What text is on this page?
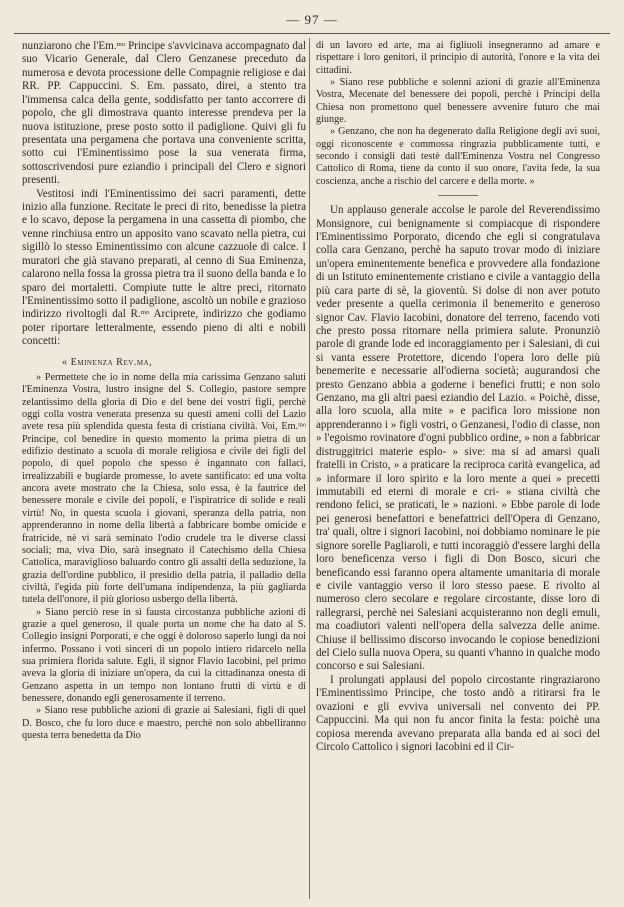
— 97 —

nunziarono che l'Em.ᵐᵒ Principe s'avvicinava accompagnato dal suo Vicario Generale, dal Clero Genzanese preceduto da numerosa e devota processione delle Compagnie religiose e dai RR. PP. Cappuccini. S. Em. passato, direi, a stento tra l'immensa calca della gente, soddisfatto per tanto accorrere di popolo, che gli dimostrava quanto interesse prendeva per la nuova istituzione, prese posto sotto il padiglione. Quivi gli fu presentata una pergamena che portava una conveniente scritta, sotto cui l'Eminentissimo pose la sua venerata firma, sottoscrivendosi pure eziandio i principali del Clero e signori presenti.

Vestitosi indi l'Eminentissimo dei sacri paramenti, dette inizio alla funzione. Recitate le preci di rito, benedisse la pietra e lo scavo, depose la pergamena in una cassetta di piombo, che venne rinchiusa entro un apposito vano scavato nella pietra, cui sigillò lo stesso Eminentissimo con alcune cazzuole di calce. I muratori che già stavano preparati, al cenno di Sua Eminenza, calarono nella fossa la grossa pietra tra il suono della banda e lo sparo dei mortaletti. Compiute tutte le altre preci, ritornato l'Eminentissimo sotto il padiglione, ascoltò un nobile e grazioso indirizzo rivoltogli dal R.ᵐᵒ Arciprete, indirizzo che godiamo poter riportare letteralmente, essendo pieno di alti e nobili concetti:

« Eminenza Rev.ma,

» Permettete che io in nome della mia carissima Genzano saluti l'Eminenza Vostra, lustro insigne del S. Collegio, pastore sempre zelantissimo della gloria di Dio e del bene dei vostri figli, perchè oggi colla vostra venerata presenza su questi ameni colli del Lazio avete resa più splendida questa festa di cristiana civiltà. Voi, Em.ᵐᵒ Principe, col benedire in questo momento la prima pietra di un edifizio destinato a scuola di morale religiosa e civile dei figli del popolo, di quel popolo che spesso è ingannato con fallaci, irrealizzabili e bugiarde promesse, lo avete santificato: ed una volta ancora avete mostrato che la Chiesa, solo essa, è la fautrice del benessere morale e civile dei popoli, e l'ispiratrice di solide e reali virtù! No, in questa scuola i giovani, speranza della patria, non apprenderanno in nome della libertà a fabbricare bombe omicide e fratricide, nè vi sarà seminato l'odio crudele tra le diverse classi sociali; ma, viva Dio, sarà insegnato il Catechismo della Chiesa Cattolica, maraviglioso baluardo contro gli assalti della seduzione, la grazia dell'ordine pubblico, il presidio della patria, il palladio della civiltà, l'egida più forte dell'umana indipendenza, la più gagliarda tutela dell'onore, il più glorioso usbergo della libertà.

» Siano perciò rese in sì fausta circostanza pubbliche azioni di grazie a quel generoso, il quale porta un nome che ha dato al S. Collegio insigni Porporati, e che oggi è doloroso saperlo lungi da noi infermo. Possano i voti sinceri di un popolo intiero ridarcelo nella sua primiera florida salute. Egli, il signor Flavio Iacobini, pel primo aveva la gloria di iniziare un'opera, da cui la cittadinanza onesta di Genzano aspetta in un tempo non lontano frutti di virtù e di benessere, donando egli generosamente il terreno.

» Siano rese pubbliche azioni di grazie ai Salesiani, figli di quel D. Bosco, che fu loro duce e maestro, perchè non solo abbelliranno questa terra benedetta da Dio

di un lavoro ed arte, ma ai figliuoli insegneranno ad amare e rispettare i loro genitori, il principio di autorità, l'onore e la vita dei cittadini.

» Siano rese pubbliche e solenni azioni di grazie all'Eminenza Vostra, Mecenate del benessere dei popoli, perchè i Principi della Chiesa non promettono quel benessere avvenire futuro che mai giunge.

» Genzano, che non ha degenerato dalla Religione degli avi suoi, oggi riconoscente e commossa ringrazia pubblicamente tutti, e secondo i consigli dati testè dall'Eminenza Vostra nel Congresso Cattolico di Roma, tiene da conto il suo onore, l'avita fede, la sua coscienza, anche a rischio del carcere e della morte. »

Un applauso generale accolse le parole del Reverendissimo Monsignore, cui benignamente si compiacque di rispondere l'Eminentissimo Porporato, dicendo che egli si congratulava colla cara Genzano, perchè ha saputo trovar modo di iniziare un'opera eminentemente benefica e provvedere alla fondazione di un Istituto eminentemente cristiano e civile a vantaggio della più cara parte di sè, la gioventù. Si dolse di non aver potuto veder presente a quella cerimonia il benemerito e generoso signor Cav. Flavio Iacobini, donatore del terreno, facendo voti che presto possa ritornare nella primiera salute. Pronunziò parole di grande lode ed incoraggiamento per i Salesiani, di cui si vanta essere Protettore, dicendo l'opera loro delle più benemerite e necessarie all'odierna società; augurandosi che presto Genzano abbia a goderne i benefici frutti; e non solo Genzano, ma gli altri paesi eziandio del Lazio. « Poichè, disse, alla loro scuola, alla mite » e pacifica loro missione non apprenderanno i » figli vostri, o Genzanesi, l'odio di classe, non » l'egoismo rovinatore d'ogni pubblico ordine, » non a fabbricar distruggitrici materie esplo- » sive: ma si ad amarsi quali fratelli in Cristo, » a praticare la reciproca carità evangelica, ad » informare il loro spirito e la loro mente a quei » precetti immutabili ed eterni di morale e cri- » stiana civiltà che rendono felici, se praticati, le » nazioni. » Ebbe parole di lode pei generosi benefattori e benefattrici dell'Opera di Genzano, tra' quali, oltre i signori Iacobini, noi dobbiamo nominare le pie signore sorelle Pagliaroli, e tutti incoraggiò d'essere larghi della loro beneficenza verso i figli di Don Bosco, sicuri che beneficando essi faranno opera altamente umanitaria di morale e civile vantaggio verso il loro stesso paese. E rivolto al numeroso clero secolare e regolare circostante, disse loro di rallegrarsi, perchè nei Salesiani acquisteranno non degli emuli, ma coadiutori valenti nell'opera della salvezza delle anime. Chiuse il bellissimo discorso invocando le copiose benedizioni del Cielo sulla nuova Opera, su quanti v'hanno in qualche modo concorso e sui Salesiani.

I prolungati applausi del popolo circostante ringraziarono l'Eminentissimo Principe, che tosto andò a ritirarsi fra le ovazioni e gli evviva universali nel convento dei PP. Cappuccini. Ma qui non fu ancor finita la festa: poichè una copiosa merenda avevano preparata alla banda ed ai soci del Circolo Cattolico i signori Iacobini ed il Cir-
